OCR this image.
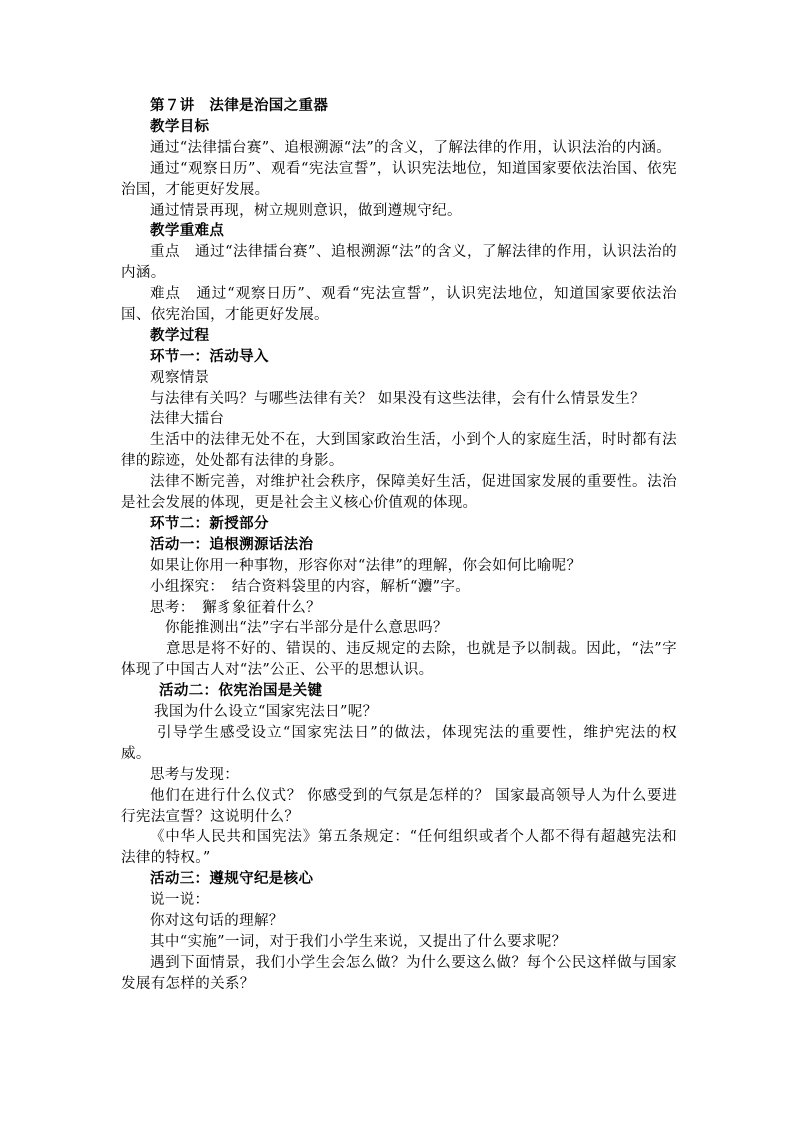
第７讲　法律是治国之重器
教学目标
通过“法律擂台赛”、追根溯源“法”的含义，了解法律的作用，认识法治的内涵。
通过“观察日历”、观看“宪法宣誓”，认识宪法地位，知道国家要依法治国、依宪治国，才能更好发展。
通过情景再现，树立规则意识，做到遵规守纪。
教学重难点
重点　通过“法律擂台赛”、追根溯源“法”的含义，了解法律的作用，认识法治的内涵。
难点　通过“观察日历”、观看“宪法宣誓”，认识宪法地位，知道国家要依法治国、依宪治国，才能更好发展。
教学过程
环节一：活动导入
观察情景
与法律有关吗？与哪些法律有关？ 如果没有这些法律，会有什么情景发生？
法律大擂台
生活中的法律无处不在，大到国家政治生活，小到个人的家庭生活，时时都有法律的踪迹，处处都有法律的身影。
法律不断完善，对维护社会秩序，保障美好生活，促进国家发展的重要性。法治是社会发展的体现，更是社会主义核心价值观的体现。
环节二：新授部分
活动一：追根溯源话法治
如果让你用一种事物，形容你对“法律”的理解，你会如何比喻呢？
小组探究：　结合资料袋里的内容，解析“灋”字。
思考：　獬豸象征着什么？
你能推测出“法”字右半部分是什么意思吗？
意思是将不好的、错误的、违反规定的去除，也就是予以制裁。因此，“法”字体现了中国古人对“法”公正、公平的思想认识。
活动二：依宪治国是关键
我国为什么设立“国家宪法日”呢？
引导学生感受设立“国家宪法日”的做法，体现宪法的重要性，维护宪法的权威。
思考与发现：
他们在进行什么仪式？ 你感受到的气氛是怎样的？ 国家最高领导人为什么要进行宪法宣誓？这说明什么？
《中华人民共和国宪法》第五条规定：“任何组织或者个人都不得有超越宪法和法律的特权。”
活动三：遵规守纪是核心
说一说：
你对这句话的理解？
其中“实施”一词，对于我们小学生来说，又提出了什么要求呢？
遇到下面情景，我们小学生会怎么做？为什么要这么做？每个公民这样做与国家发展有怎样的关系？
